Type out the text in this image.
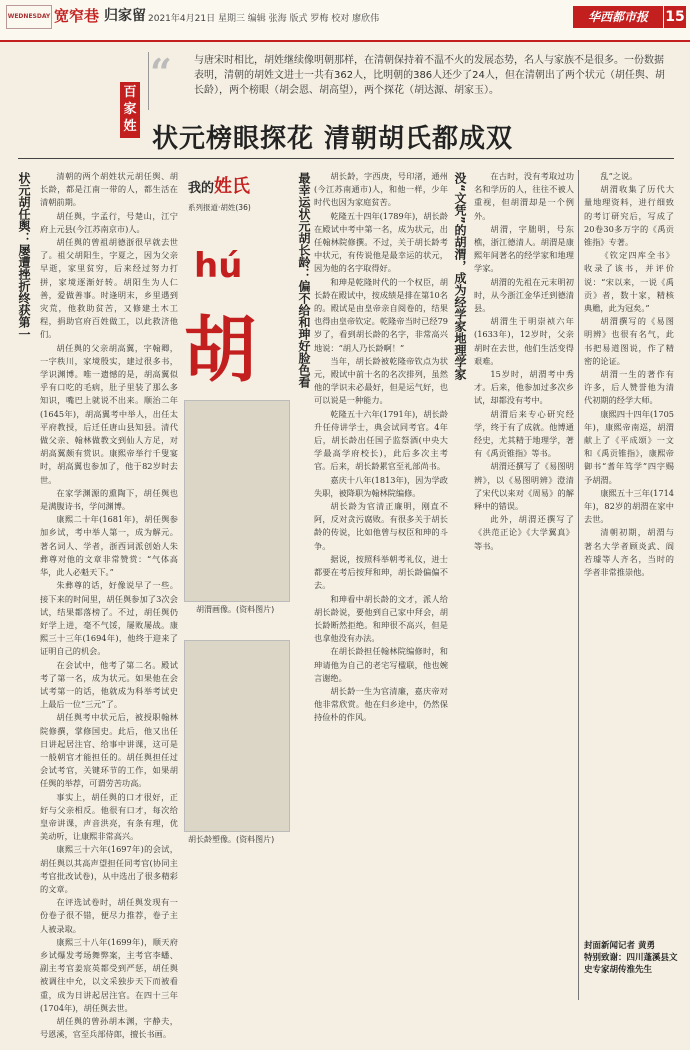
WEDNESDAY 宽窄巷 归家留 2021年4月21日 星期三 编辑 张海 版式 罗梅 校对 廖欣伟	华西都市报	15
“ 与唐宋时相比，胡姓继续像明朝那样，在清朝保持着不温不火的发展态势，名人与家族不是很多。一份数据表明，清朝的胡姓文进士一共有362人，比明朝的386人还少了24人，但在清朝出了两个状元（胡任舆、胡长龄），两个榜眼（胡会恩、胡高望），两个探花（胡达源、胡家玉）。
百家姓 状元榜眼探花 清朝胡氏都成双
状元胡任舆：屡遭挫折终获第一	清朝的两个胡姓状元胡任舆、胡长龄，都是江南一带的人，都生活在清朝前期。

胡任舆，字孟行，号楚山，江宁府上元县(今江苏南京市)人。

胡任舆的曾祖胡德浙很早就去世了。祖父胡阳生，字夏之，因为父亲早逝，家里贫穷，后来经过努力打拼，家境逐渐好转。胡阳生为人仁善，爱做善事。时逢明末，乡里遇到灾荒，他救助贫苦，又修建土木工程，捐助官府百姓做工，以此救济他们。

胡任舆的父亲胡高翼，字翰卿，一字秩川，家境殷实，建过很多书，学识渊博。唯一遗憾的是，胡高翼似乎有口吃的毛病，肚子里装了那么多知识，嘴巴上就说不出来。顺治二年(1645年)，胡高翼考中举人，出任太平府教授，后迁任唐山县知县。清代做父亲、翰林做教文到仙人方足，对胡高翼颇有赏识。康熙帝举行千叟宴时，胡高翼也参加了，他于82岁时去世。

在家学渊源的熏陶下，胡任舆也是满腹诗书，学问渊博。

康熙二十年(1681年)，胡任舆参加乡试，考中举人第一，成为解元。著名词人、学者，浙西词派创始人朱彝尊对他的文章非常赞赏：“气体高华，此人必魁天下。”

朱彝尊的话，好像说早了一些。接下来的时间里，胡任舆参加了3次会试，结果都落榜了。不过，胡任舆仍好学上进，毫不气馁，屡败屡战。康熙三十三年(1694年)，他终于迎来了证明自己的机会。

在会试中，他考了第二名。殿试考了第一名，成为状元。如果他在会试考第一的话，他就成为科举考试史上最后一位“三元”了。

胡任舆考中状元后，被授职翰林院修撰，掌修国史。此后，他又出任日讲起居注官、给事中讲课，这可是一般朝官才能担任的。胡任舆担任过会试考官，关键环节的工作，如果胡任舆的举荐，可谓劳苦功高。

事实上，胡任舆的口才很好，正好与父亲相反。他很有口才，每次给皇帝讲课，声音洪亮，有条有理，优美动听，让康熙非常高兴。

康熙三十六年(1697年)的会试，胡任舆以其高声望担任同考官(协同主考官批改试卷)，从中选出了很多精彩的文章。

在评选试卷时，胡任舆发现有一份卷子很不错，便尽力推荐，卷子主人被录取。

康熙三十八年(1699年)，顺天府乡试爆发考场舞弊案，主考官李蟠、副主考官姜宸英都受到严惩，胡任舆被调往中允，以文采独步天下而被看重，成为日讲起居注官。在四十三年(1704年)，胡任舆去世。

胡任舆的曾孙胡本渊，字静夫，号恩溪，官至兵部侍郎，擅长书画。

我的姓氏
系列报道·胡姓(36)
hú
胡
胡渭画像。(资料图片)
胡长龄塑像。(资料图片)
最幸运状元胡长龄：偏不给和珅好脸色看	胡长龄，字西庚，号印渚，通州(今江苏南通市)人，和他一样，少年时代也因为家庭贫苦。

乾隆五十四年(1789年)，胡长龄在殿试中考中第一名，成为状元，出任翰林院修撰。不过，关于胡长龄考中状元，有传说他是最幸运的状元，因为他的名字取得好。

和珅是乾隆时代的一个权臣，胡长龄在殿试中，按成绩是排在第10名的。殿试是由皇帝亲自阅卷的，结果也得由皇帝钦定。乾隆帝当时已经79岁了，看到胡长龄的名字，非常高兴地说：“胡人乃长龄啊！”

当年，胡长龄被乾隆帝钦点为状元，殿试中前十名的名次排列，虽然他的学识未必最好，但是运气好，也可以说是一种能力。

乾隆五十六年(1791年)，胡长龄升任侍讲学士，典会试同考官。4年后，胡长龄出任国子监祭酒(中央大学最高学府校长)，此后多次主考官。后来，胡长龄累官至礼部尚书。

嘉庆十八年(1813年)，因为学政失职，被降职为翰林院编修。

胡长龄为官清正廉明，刚直不阿，反对贪污腐败。有很多关于胡长龄的传说，比如他曾与权臣和珅的斗争。

据说，按照科举朝考礼仪，进士都要在考后按拜和珅，胡长龄偏偏不去。

和珅看中胡长龄的文才，派人给胡长龄说，要他到自己家中拜会，胡长龄断然拒绝。和珅很不高兴，但是也拿他没有办法。

在胡长龄担任翰林院编修时，和珅请他为自己的老宅写楹联，他也婉言谢绝。

胡长龄一生为官清廉，嘉庆帝对他非常欣赏。他在归乡途中，仍然保持俭朴的作风。

没“文凭”的胡渭，成为经学家地理学家	在古时，没有考取过功名和学历的人，往往不被人重视，但胡渭却是一个例外。

胡渭，字朏明，号东樵，浙江德清人。胡渭是康熙年间著名的经学家和地理学家。

胡渭的先祖在元末明初时，从今浙江金华迁到德清县。

胡渭生于明崇祯六年(1633年)，12岁时，父亲胡时在去世，他们生活变得艰难。

15岁时，胡渭考中秀才。后来，他参加过多次乡试，却都没有考中。

胡渭后来专心研究经学，终于有了成就。他博通经史，尤其精于地理学，著有《禹贡锥指》等书。

胡渭还撰写了《易图明辨》，以《易图明辨》澄清了宋代以来对《周易》的解释中的错误。

此外，胡渭还撰写了《洪范正论》《大学翼真》等书。

乱”之说。

胡渭收集了历代大量地理资料，进行细致的考订研究后，写成了20卷30多万字的《禹贡锥指》专著。

《钦定四库全书》收录了该书，并评价说：“宋以来，一说《禹贡》者，数十家，精核典赡，此为冠矣。”

胡渭撰写的《易图明辨》也很有名气，此书把易道图说，作了精密的论证。

胡渭一生的著作有许多，后人赞誉他为清代初期的经学大师。

康熙四十四年(1705年)，康熙帝南巡，胡渭献上了《平成颂》一文和《禹贡锥指》，康熙帝御书“耆年笃学”四字赐予胡渭。

康熙五十三年(1714年)，82岁的胡渭在家中去世。

清朝初期，胡渭与著名大学者顾炎武、阎若璩等人齐名，当时的学者非常推崇他。

封面新闻记者 黄勇
特别致谢：四川蓬溪县文史专家胡传淮先生
